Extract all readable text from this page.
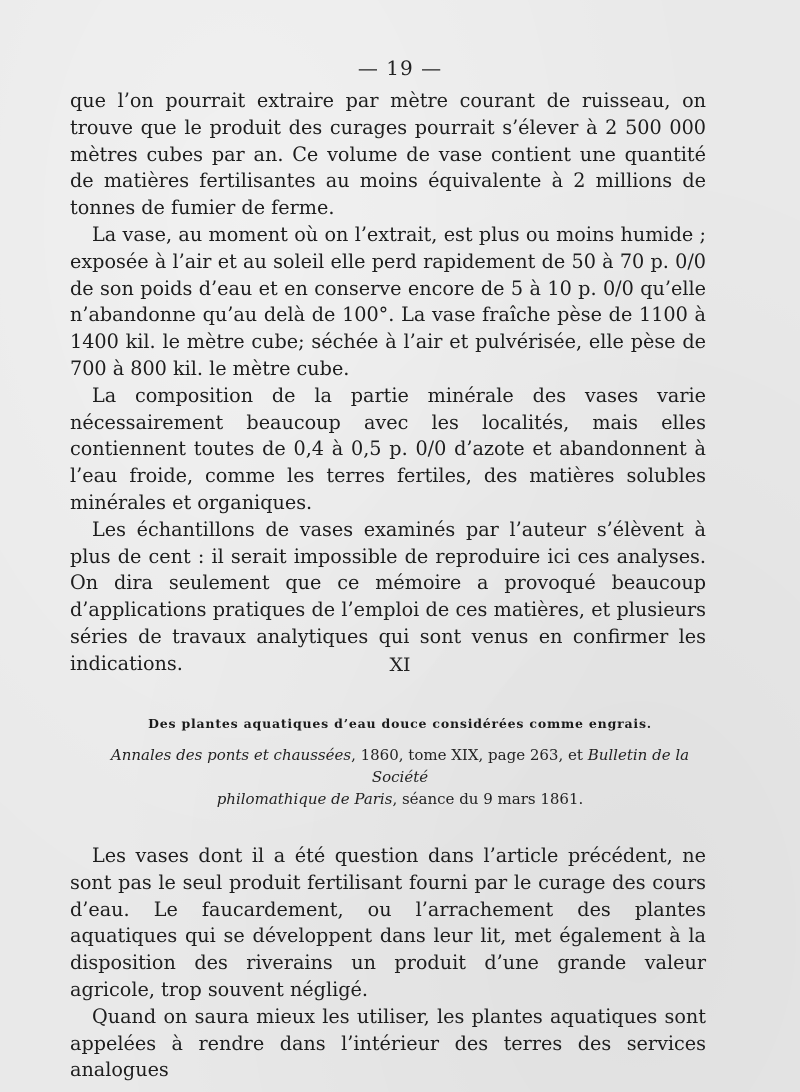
— 19 —

que l’on pourrait extraire par mètre courant de ruisseau, on trouve que le produit des curages pourrait s’élever à 2 500 000 mètres cubes par an. Ce volume de vase contient une quantité de matières fertilisantes au moins équivalente à 2 millions de tonnes de fumier de ferme.

La vase, au moment où on l’extrait, est plus ou moins humide ; exposée à l’air et au soleil elle perd rapidement de 50 à 70 p. 0/0 de son poids d’eau et en conserve encore de 5 à 10 p. 0/0 qu’elle n’abandonne qu’au delà de 100°. La vase fraîche pèse de 1100 à 1400 kil. le mètre cube; séchée à l’air et pulvérisée, elle pèse de 700 à 800 kil. le mètre cube.

La composition de la partie minérale des vases varie nécessairement beaucoup avec les localités, mais elles contiennent toutes de 0,4 à 0,5 p. 0/0 d’azote et abandonnent à l’eau froide, comme les terres fertiles, des matières solubles minérales et organiques.

Les échantillons de vases examinés par l’auteur s’élèvent à plus de cent : il serait impossible de reproduire ici ces analyses. On dira seulement que ce mémoire a provoqué beaucoup d’applications pratiques de l’emploi de ces matières, et plusieurs séries de travaux analytiques qui sont venus en confirmer les indications.	XI
Des plantes aquatiques d’eau douce considérées comme engrais.
Annales des ponts et chaussées, 1860, tome XIX, page 263, et Bulletin de la Société
philomathique de Paris, séance du 9 mars 1861.

Les vases dont il a été question dans l’article précédent, ne sont pas le seul produit fertilisant fourni par le curage des cours d’eau. Le faucardement, ou l’arrachement des plantes aquatiques qui se développent dans leur lit, met également à la disposition des riverains un produit d’une grande valeur agricole, trop souvent négligé.

Quand on saura mieux les utiliser, les plantes aquatiques sont appelées à rendre dans l’intérieur des terres des services analogues
